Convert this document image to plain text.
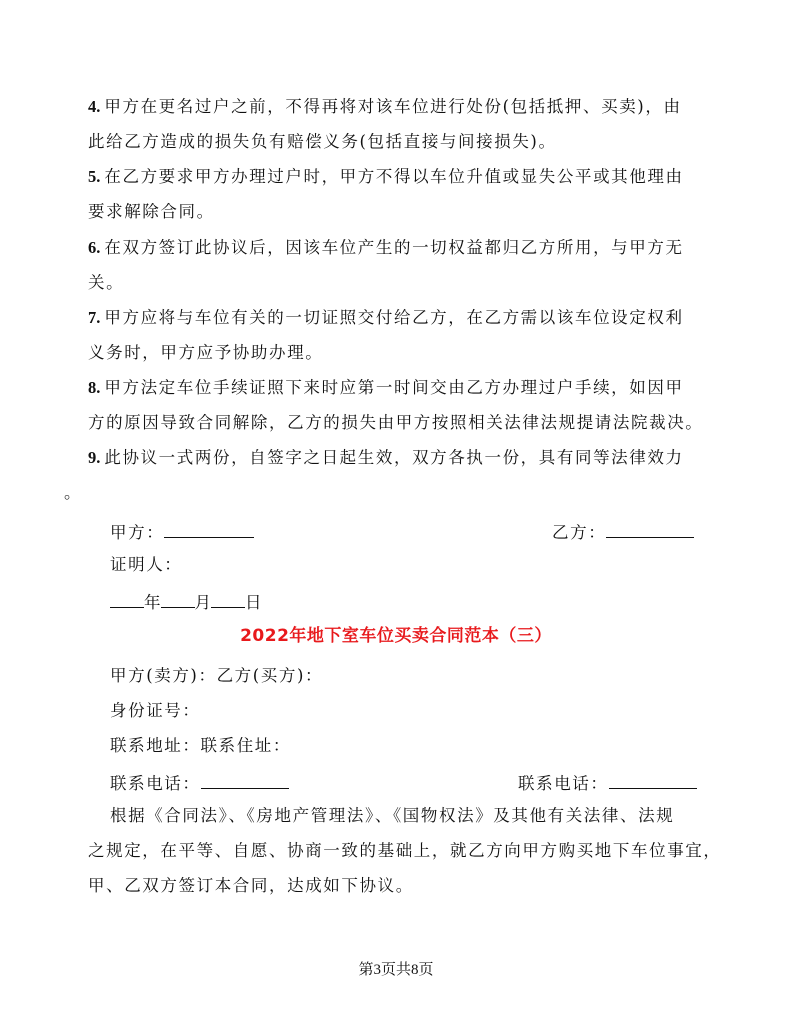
4. 甲方在更名过户之前，不得再将对该车位进行处份(包括抵押、买卖)，由
此给乙方造成的损失负有赔偿义务(包括直接与间接损失)。
5. 在乙方要求甲方办理过户时，甲方不得以车位升值或显失公平或其他理由
要求解除合同。
6. 在双方签订此协议后，因该车位产生的一切权益都归乙方所用，与甲方无
关。
7. 甲方应将与车位有关的一切证照交付给乙方，在乙方需以该车位设定权利
义务时，甲方应予协助办理。
8. 甲方法定车位手续证照下来时应第一时间交由乙方办理过户手续，如因甲
方的原因导致合同解除，乙方的损失由甲方按照相关法律法规提请法院裁决。
9. 此协议一式两份，自签字之日起生效，双方各执一份，具有同等法律效力
。
甲方：	乙方：
证明人：
年 月 日
2022年地下室车位买卖合同范本（三）
甲方(卖方)：乙方(买方)：
身份证号：
联系地址：联系住址：
联系电话：	联系电话：
根据《合同法》、《房地产管理法》、《国物权法》及其他有关法律、法规
之规定，在平等、自愿、协商一致的基础上，就乙方向甲方购买地下车位事宜，
甲、乙双方签订本合同，达成如下协议。
第3页共8页
